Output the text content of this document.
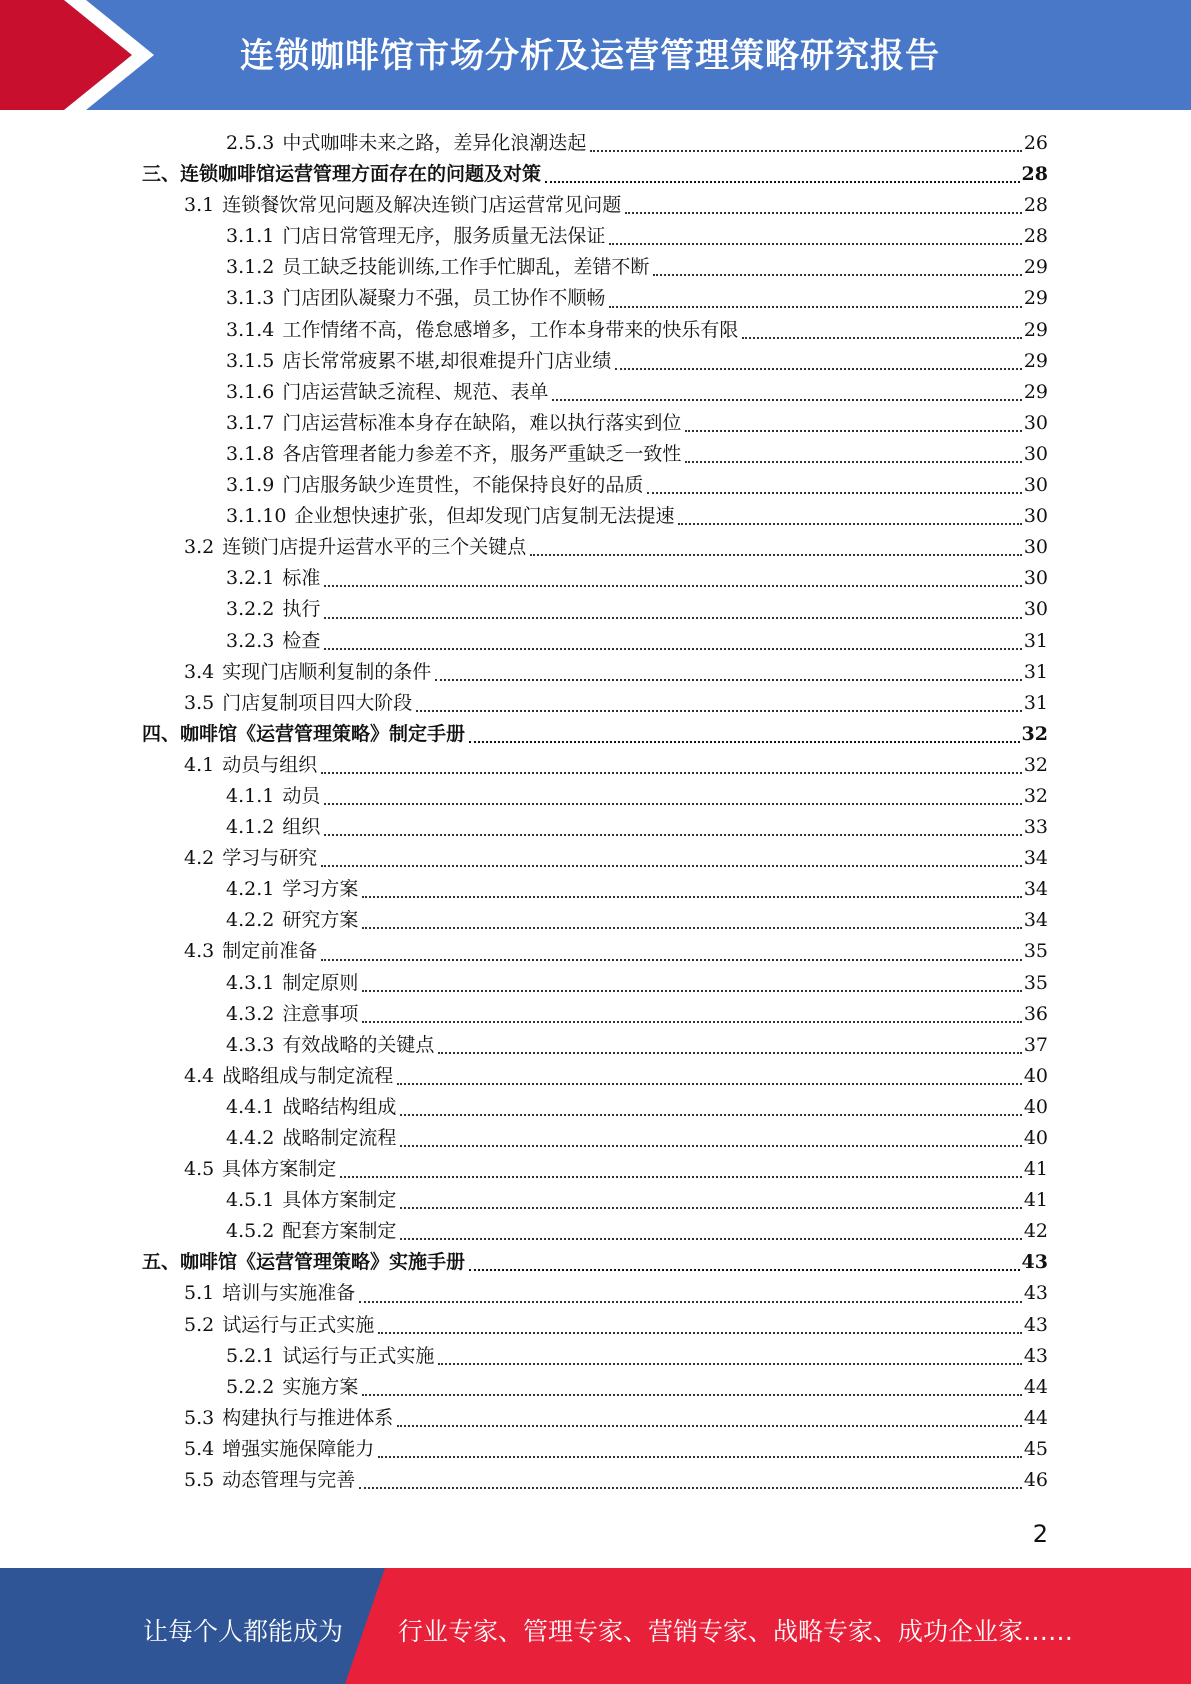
连锁咖啡馆市场分析及运营管理策略研究报告
2.5.3 中式咖啡未来之路，差异化浪潮迭起	26
三、 连锁咖啡馆运营管理方面存在的问题及对策	28
3.1 连锁餐饮常见问题及解决连锁门店运营常见问题	28
3.1.1 门店日常管理无序，服务质量无法保证	28
3.1.2 员工缺乏技能训练,工作手忙脚乱，差错不断	29
3.1.3 门店团队凝聚力不强，员工协作不顺畅	29
3.1.4 工作情绪不高，倦怠感增多，工作本身带来的快乐有限	29
3.1.5 店长常常疲累不堪,却很难提升门店业绩	29
3.1.6 门店运营缺乏流程、规范、表单	29
3.1.7 门店运营标准本身存在缺陷，难以执行落实到位	30
3.1.8 各店管理者能力参差不齐，服务严重缺乏一致性	30
3.1.9 门店服务缺少连贯性，不能保持良好的品质	30
3.1.10 企业想快速扩张，但却发现门店复制无法提速	30
3.2 连锁门店提升运营水平的三个关键点	30
3.2.1 标准	30
3.2.2 执行	30
3.2.3 检查	31
3.4 实现门店顺利复制的条件	31
3.5 门店复制项目四大阶段	31
四、 咖啡馆《运营管理策略》制定手册	32
4.1 动员与组织	32
4.1.1 动员	32
4.1.2 组织	33
4.2 学习与研究	34
4.2.1 学习方案	34
4.2.2 研究方案	34
4.3 制定前准备	35
4.3.1 制定原则	35
4.3.2 注意事项	36
4.3.3 有效战略的关键点	37
4.4 战略组成与制定流程	40
4.4.1 战略结构组成	40
4.4.2 战略制定流程	40
4.5 具体方案制定	41
4.5.1 具体方案制定	41
4.5.2 配套方案制定	42
五、 咖啡馆《运营管理策略》实施手册	43
5.1 培训与实施准备	43
5.2 试运行与正式实施	43
5.2.1 试运行与正式实施	43
5.2.2 实施方案	44
5.3 构建执行与推进体系	44
5.4 增强实施保障能力	45
5.5 动态管理与完善	46
2
让每个人都能成为 行业专家、管理专家、营销专家、战略专家、成功企业家……
